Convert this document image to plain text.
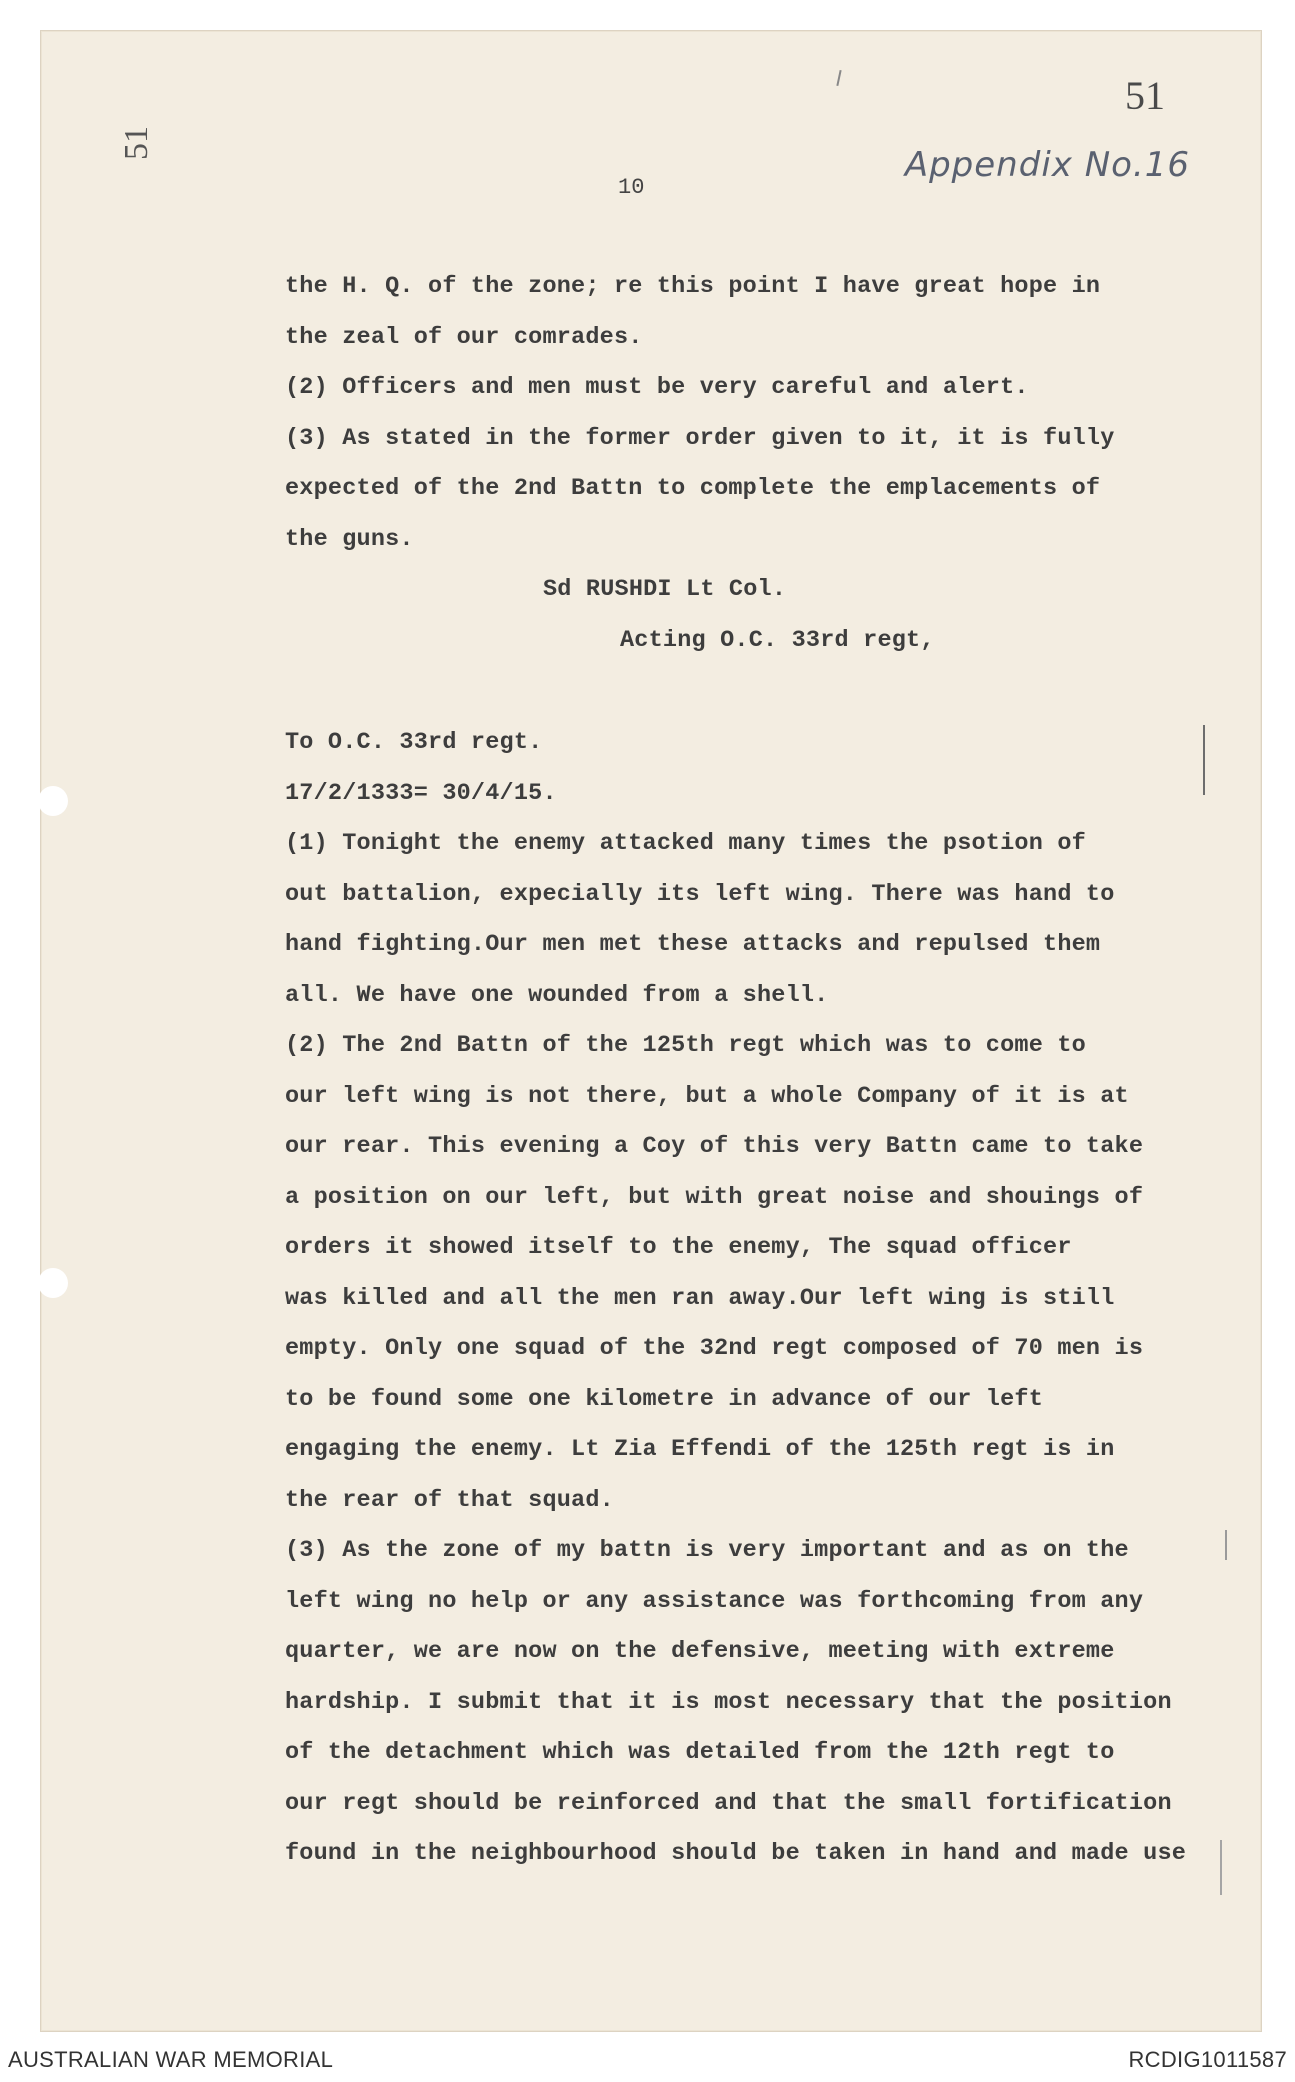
51
51
Appendix No.16
10
the H. Q. of the zone; re this point I have great hope in
the zeal of our comrades.
(2) Officers and men must be very careful and alert.
(3) As stated in the former order given to it, it is fully
expected of the 2nd Battn to complete the emplacements of
the guns.
Sd RUSHDI Lt Col.
Acting O.C. 33rd regt,
To O.C. 33rd regt.
17/2/1333= 30/4/15.
(1) Tonight the enemy attacked many times the psotion of
out battalion, expecially its left wing. There was hand to
hand fighting.Our men met these attacks and repulsed them
all. We have one wounded from a shell.
(2) The 2nd Battn of the 125th regt which was to come to
our left wing is not there, but a whole Company of it is at
our rear. This evening a Coy of this very Battn came to take
a position on our left, but with great noise and shouings of
orders it showed itself to the enemy, The squad officer
was killed and all the men ran away.Our left wing is still
empty. Only one squad of the 32nd regt composed of 70 men is
to be found some one kilometre in advance of our left
engaging the enemy. Lt Zia Effendi of the 125th regt is in
the rear of that squad.
(3) As the zone of my battn is very important and as on the
left wing no help or any assistance was forthcoming from any
quarter, we are now on the defensive, meeting with extreme
hardship. I submit that it is most necessary that the position
of the detachment which was detailed from the 12th regt to
our regt should be reinforced and that the small fortification
found in the neighbourhood should be taken in hand and made use
AUSTRALIAN WAR MEMORIAL	RCDIG1011587
